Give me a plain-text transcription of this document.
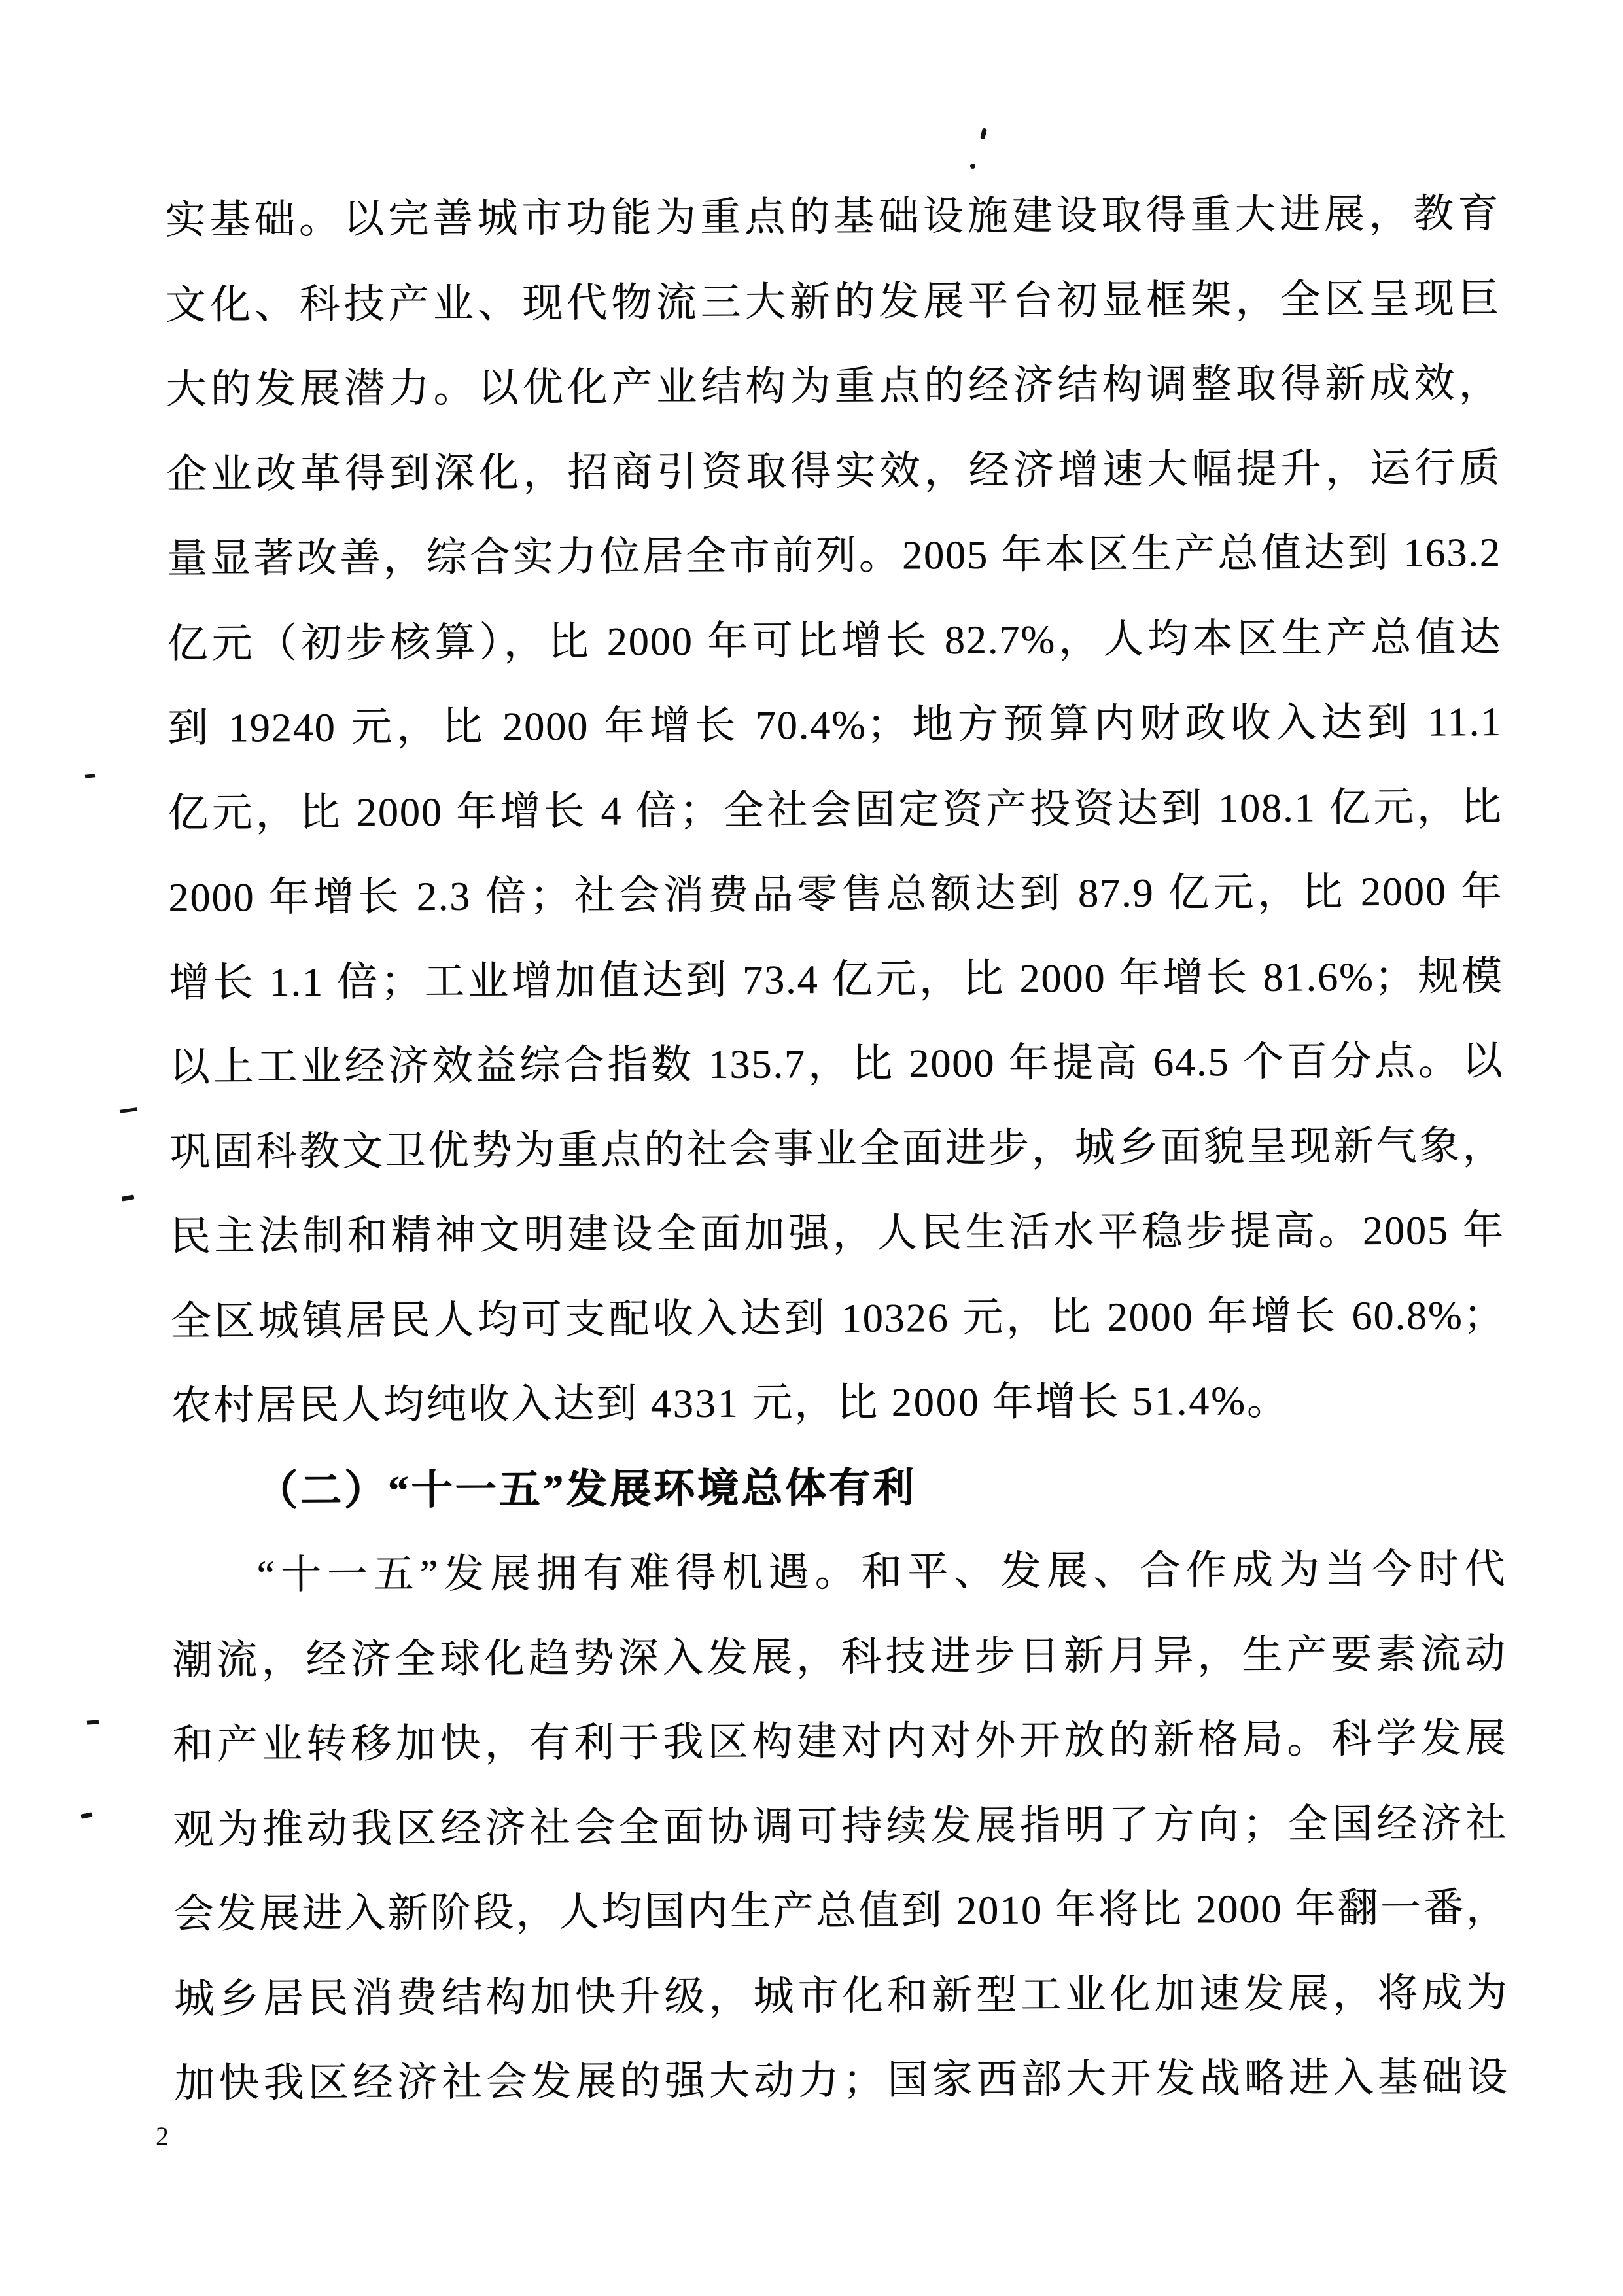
实基础。以完善城市功能为重点的基础设施建设取得重大进展，教育
文化、科技产业、现代物流三大新的发展平台初显框架，全区呈现巨
大的发展潜力。以优化产业结构为重点的经济结构调整取得新成效，
企业改革得到深化，招商引资取得实效，经济增速大幅提升，运行质
量显著改善，综合实力位居全市前列。2005 年本区生产总值达到 163.2
亿元（初步核算），比 2000 年可比增长 82.7%，人均本区生产总值达
到 19240 元，比 2000 年增长 70.4%；地方预算内财政收入达到 11.1
亿元，比 2000 年增长 4 倍；全社会固定资产投资达到 108.1 亿元，比
2000 年增长 2.3 倍；社会消费品零售总额达到 87.9 亿元，比 2000 年
增长 1.1 倍；工业增加值达到 73.4 亿元，比 2000 年增长 81.6%；规模
以上工业经济效益综合指数 135.7，比 2000 年提高 64.5 个百分点。以
巩固科教文卫优势为重点的社会事业全面进步，城乡面貌呈现新气象，
民主法制和精神文明建设全面加强，人民生活水平稳步提高。2005 年
全区城镇居民人均可支配收入达到 10326 元，比 2000 年增长 60.8%；
农村居民人均纯收入达到 4331 元，比 2000 年增长 51.4%。
（二）“十一五”发展环境总体有利
“十一五”发展拥有难得机遇。和平、发展、合作成为当今时代
潮流，经济全球化趋势深入发展，科技进步日新月异，生产要素流动
和产业转移加快，有利于我区构建对内对外开放的新格局。科学发展
观为推动我区经济社会全面协调可持续发展指明了方向；全国经济社
会发展进入新阶段，人均国内生产总值到 2010 年将比 2000 年翻一番，
城乡居民消费结构加快升级，城市化和新型工业化加速发展，将成为
加快我区经济社会发展的强大动力；国家西部大开发战略进入基础设
2
